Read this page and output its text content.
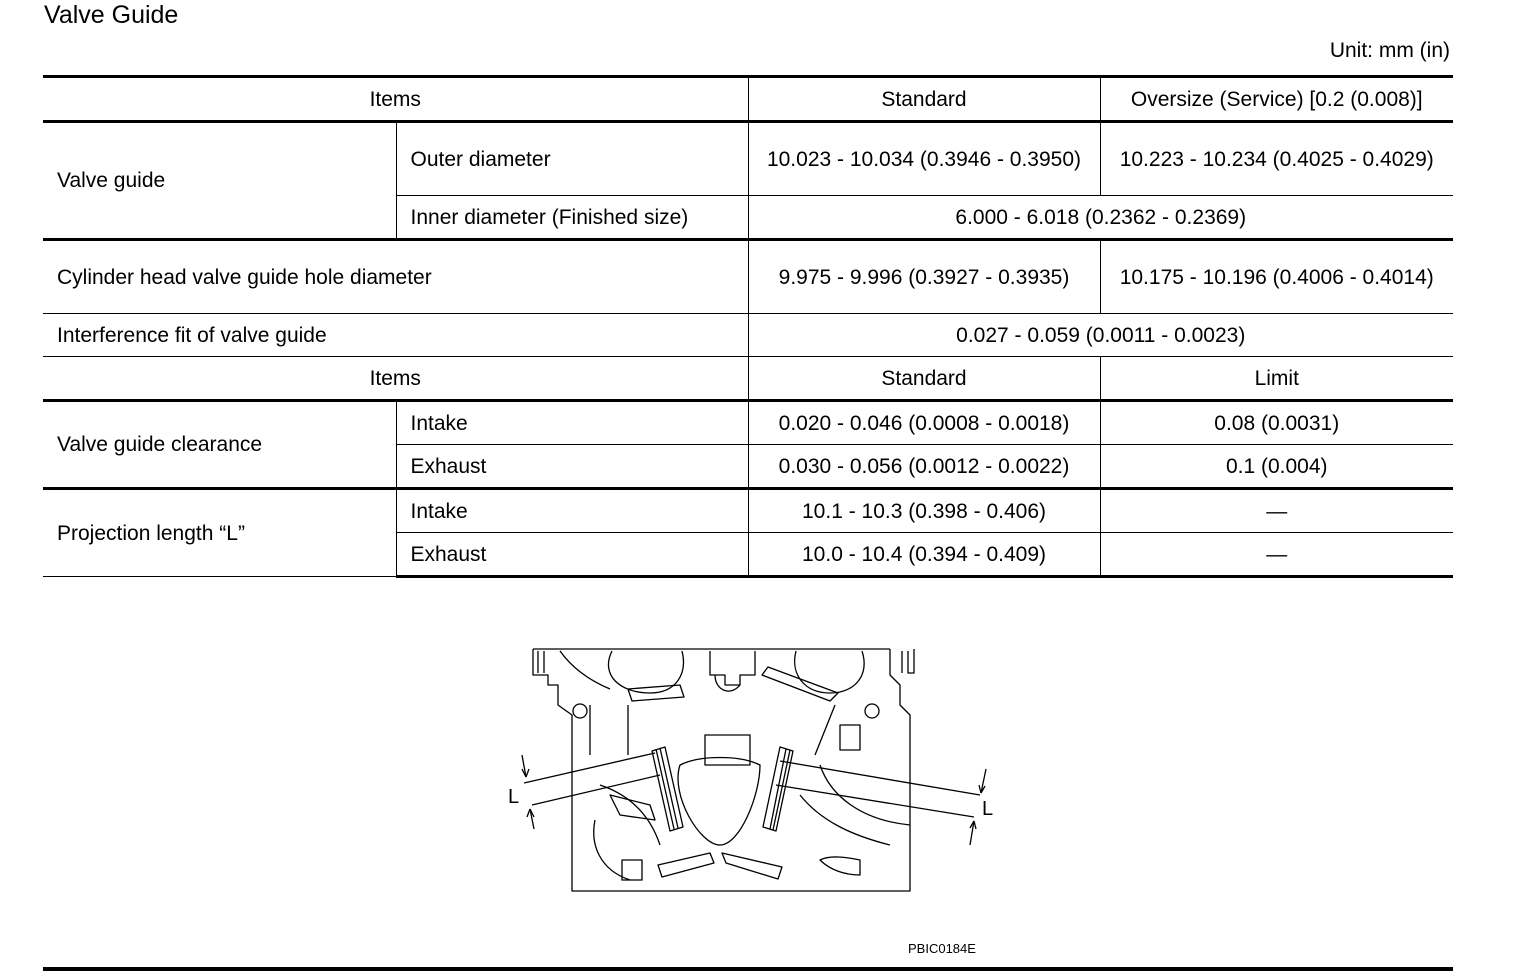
Valve Guide
Unit: mm (in)
Items		Standard	Oversize (Service) [0.2 (0.008)]
Valve guide	Outer diameter	10.023 - 10.034 (0.3946 - 0.3950)	10.223 - 10.234 (0.4025 - 0.4029)
	Inner diameter (Finished size)	6.000 - 6.018 (0.2362 - 0.2369)	
Cylinder head valve guide hole diameter		9.975 - 9.996 (0.3927 - 0.3935)	10.175 - 10.196 (0.4006 - 0.4014)
Interference fit of valve guide		0.027 - 0.059 (0.0011 - 0.0023)	
Items		Standard	Limit
Valve guide clearance	Intake	0.020 - 0.046 (0.0008 - 0.0018)	0.08 (0.0031)
	Exhaust	0.030 - 0.056 (0.0012 - 0.0022)	0.1 (0.004)
Projection length “L”	Intake	10.1 - 10.3 (0.398 - 0.406)	—
	Exhaust	10.0 - 10.4 (0.394 - 0.409)	—
L
L
PBIC0184E
